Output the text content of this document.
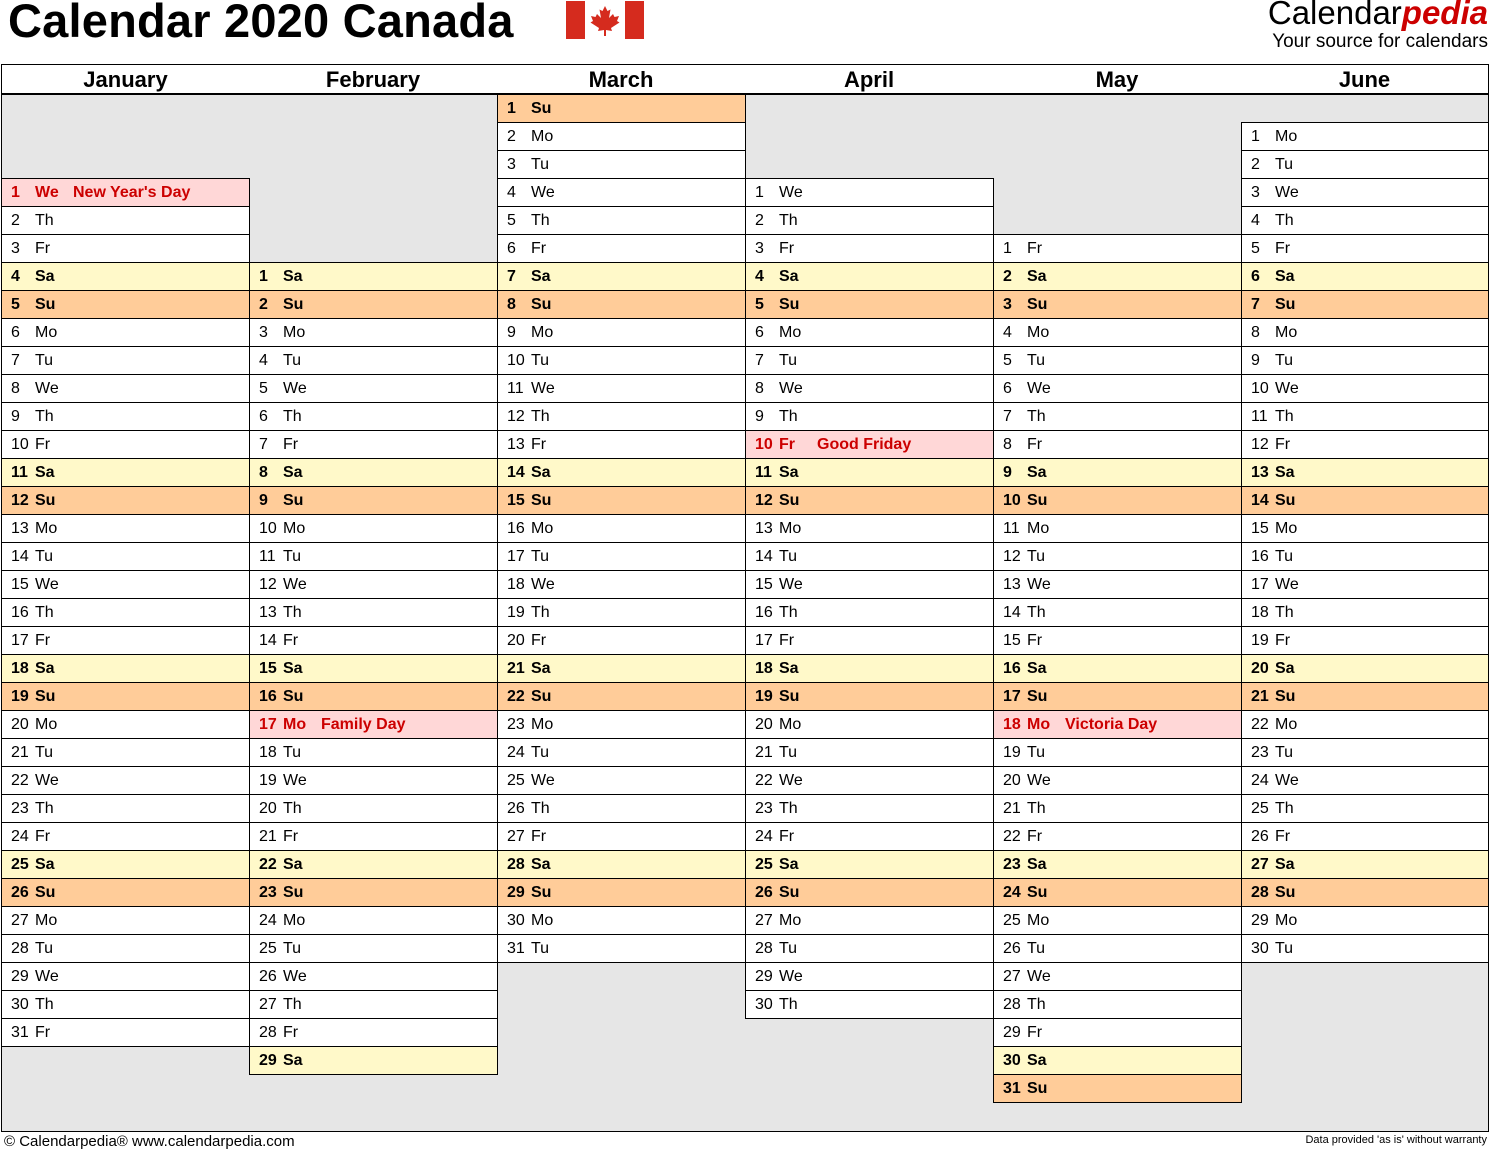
Calendar 2020 Canada	Calendarpedia
Your source for calendars
January
1 We New Year's Day
2 Th
3 Fr
4 Sa
5 Su
6 Mo
7 Tu
8 We
9 Th
10 Fr
11 Sa
12 Su
13 Mo
14 Tu
15 We
16 Th
17 Fr
18 Sa
19 Su
20 Mo
21 Tu
22 We
23 Th
24 Fr
25 Sa
26 Su
27 Mo
28 Tu
29 We
30 Th
31 Fr
February
1 Sa
2 Su
3 Mo
4 Tu
5 We
6 Th
7 Fr
8 Sa
9 Su
10 Mo
11 Tu
12 We
13 Th
14 Fr
15 Sa
16 Su
17 Mo Family Day
18 Tu
19 We
20 Th
21 Fr
22 Sa
23 Su
24 Mo
25 Tu
26 We
27 Th
28 Fr
29 Sa
March
1 Su
2 Mo
3 Tu
4 We
5 Th
6 Fr
7 Sa
8 Su
9 Mo
10 Tu
11 We
12 Th
13 Fr
14 Sa
15 Su
16 Mo
17 Tu
18 We
19 Th
20 Fr
21 Sa
22 Su
23 Mo
24 Tu
25 We
26 Th
27 Fr
28 Sa
29 Su
30 Mo
31 Tu
April
1 We
2 Th
3 Fr
4 Sa
5 Su
6 Mo
7 Tu
8 We
9 Th
10 Fr Good Friday
11 Sa
12 Su
13 Mo
14 Tu
15 We
16 Th
17 Fr
18 Sa
19 Su
20 Mo
21 Tu
22 We
23 Th
24 Fr
25 Sa
26 Su
27 Mo
28 Tu
29 We
30 Th
May
1 Fr
2 Sa
3 Su
4 Mo
5 Tu
6 We
7 Th
8 Fr
9 Sa
10 Su
11 Mo
12 Tu
13 We
14 Th
15 Fr
16 Sa
17 Su
18 Mo Victoria Day
19 Tu
20 We
21 Th
22 Fr
23 Sa
24 Su
25 Mo
26 Tu
27 We
28 Th
29 Fr
30 Sa
31 Su
June
1 Mo
2 Tu
3 We
4 Th
5 Fr
6 Sa
7 Su
8 Mo
9 Tu
10 We
11 Th
12 Fr
13 Sa
14 Su
15 Mo
16 Tu
17 We
18 Th
19 Fr
20 Sa
21 Su
22 Mo
23 Tu
24 We
25 Th
26 Fr
27 Sa
28 Su
29 Mo
30 Tu
© Calendarpedia® www.calendarpedia.com	Data provided 'as is' without warranty
